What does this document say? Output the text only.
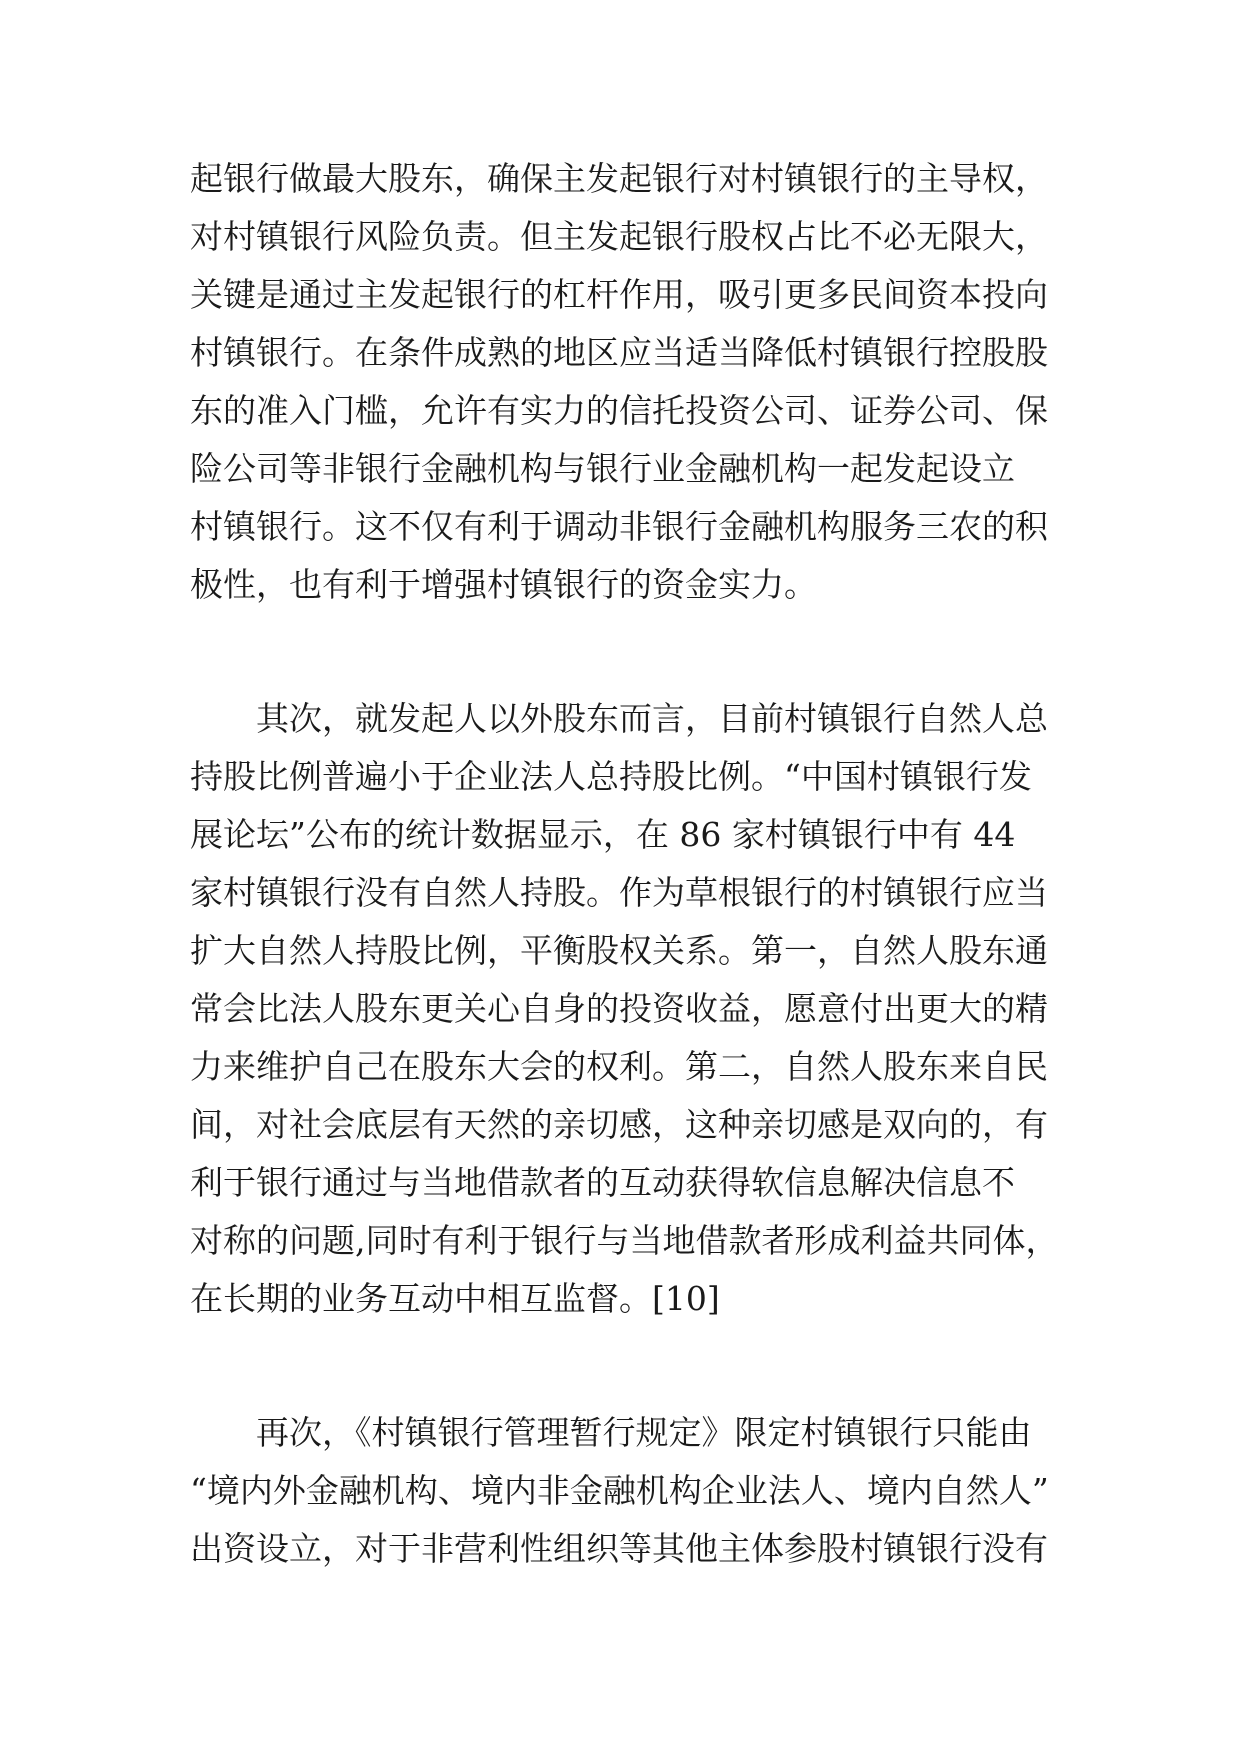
起银行做最大股东，确保主发起银行对村镇银行的主导权，
对村镇银行风险负责。但主发起银行股权占比不必无限大，
关键是通过主发起银行的杠杆作用，吸引更多民间资本投向
村镇银行。在条件成熟的地区应当适当降低村镇银行控股股
东的准入门槛，允许有实力的信托投资公司、证券公司、保
险公司等非银行金融机构与银行业金融机构一起发起设立
村镇银行。这不仅有利于调动非银行金融机构服务三农的积
极性，也有利于增强村镇银行的资金实力。
　　其次，就发起人以外股东而言，目前村镇银行自然人总
持股比例普遍小于企业法人总持股比例。“中国村镇银行发
展论坛”公布的统计数据显示，在 86 家村镇银行中有 44
家村镇银行没有自然人持股。作为草根银行的村镇银行应当
扩大自然人持股比例，平衡股权关系。第一，自然人股东通
常会比法人股东更关心自身的投资收益，愿意付出更大的精
力来维护自己在股东大会的权利。第二，自然人股东来自民
间，对社会底层有天然的亲切感，这种亲切感是双向的，有
利于银行通过与当地借款者的互动获得软信息解决信息不
对称的问题,同时有利于银行与当地借款者形成利益共同体，
在长期的业务互动中相互监督。[10]
　　再次，《村镇银行管理暂行规定》限定村镇银行只能由
“境内外金融机构、境内非金融机构企业法人、境内自然人”
出资设立，对于非营利性组织等其他主体参股村镇银行没有
